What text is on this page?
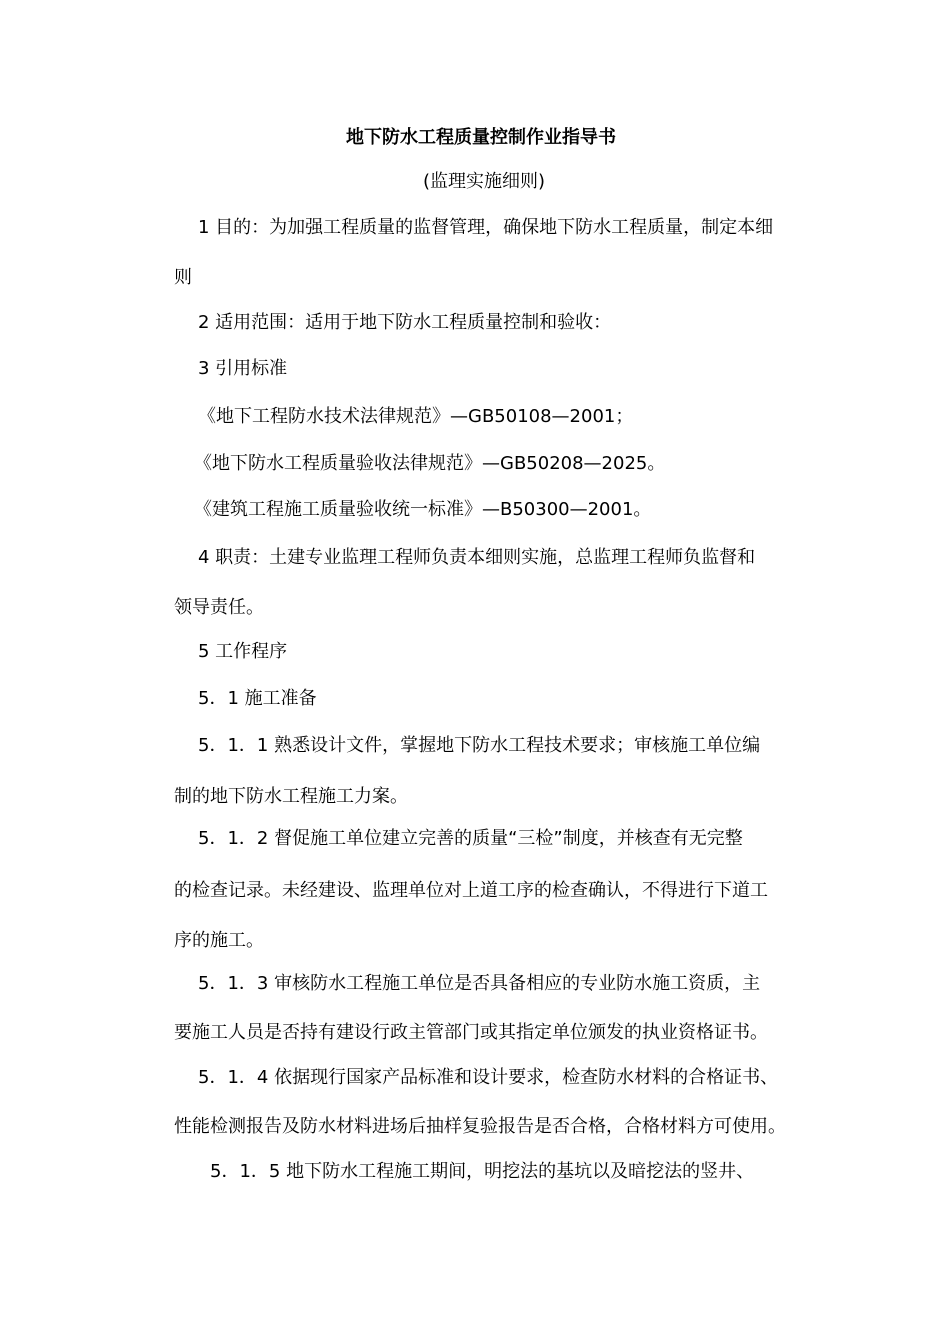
地下防水工程质量控制作业指导书
(监理实施细则)
1 目的：为加强工程质量的监督管理，确保地下防水工程质量，制定本细
则
2 适用范围：适用于地下防水工程质量控制和验收：
3 引用标准
《地下工程防水技术法律规范》—GB50108—2001；
《地下防水工程质量验收法律规范》—GB50208—2025。
《建筑工程施工质量验收统一标准》—B50300—2001。
4 职责：土建专业监理工程师负责本细则实施，总监理工程师负监督和
领导责任。
5 工作程序
5．1 施工准备
5．1．1 熟悉设计文件，掌握地下防水工程技术要求；审核施工单位编
制的地下防水工程施工力案。
5．1．2 督促施工单位建立完善的质量“三检”制度，并核查有无完整
的检查记录。未经建设、监理单位对上道工序的检查确认，不得进行下道工
序的施工。
5．1．3 审核防水工程施工单位是否具备相应的专业防水施工资质，主
要施工人员是否持有建设行政主管部门或其指定单位颁发的执业资格证书。
5．1．4 依据现行国家产品标准和设计要求，检查防水材料的合格证书、
性能检测报告及防水材料进场后抽样复验报告是否合格，合格材料方可使用。
5．1．5 地下防水工程施工期间，明挖法的基坑以及暗挖法的竖井、
